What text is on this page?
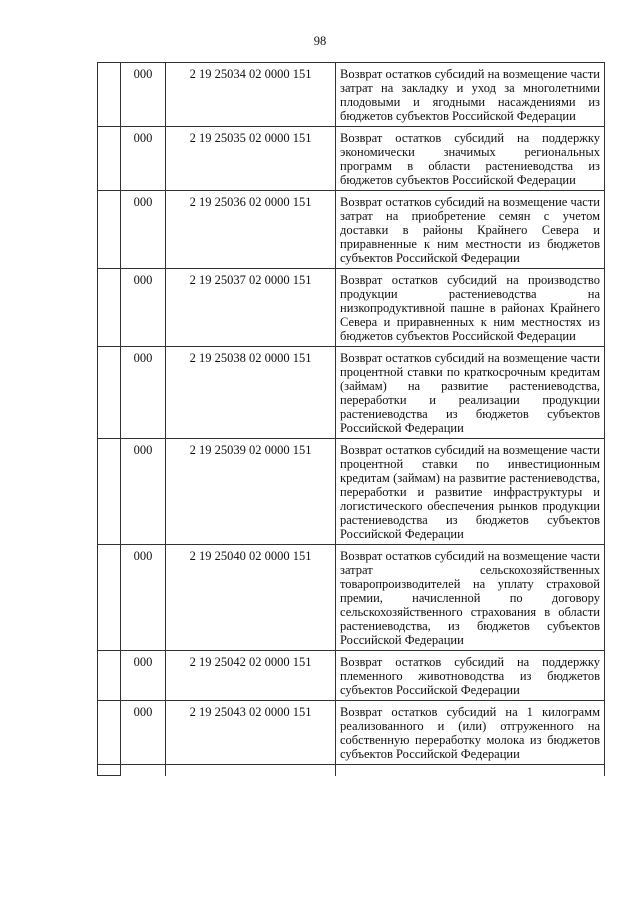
98
	000	2 19 25034 02 0000 151	Возврат остатков субсидий на возмещение части затрат на закладку и уход за многолетними плодовыми и ягодными насаждениями из бюджетов субъектов Российской Федерации
	000	2 19 25035 02 0000 151	Возврат остатков субсидий на поддержку экономически значимых региональных программ в области растениеводства из бюджетов субъектов Российской Федерации
	000	2 19 25036 02 0000 151	Возврат остатков субсидий на возмещение части затрат на приобретение семян с учетом доставки в районы Крайнего Севера и приравненные к ним местности из бюджетов субъектов Российской Федерации
	000	2 19 25037 02 0000 151	Возврат остатков субсидий на производство продукции растениеводства на низкопродуктивной пашне в районах Крайнего Севера и приравненных к ним местностях из бюджетов субъектов Российской Федерации
	000	2 19 25038 02 0000 151	Возврат остатков субсидий на возмещение части процентной ставки по краткосрочным кредитам (займам) на развитие растениеводства, переработки и реализации продукции растениеводства из бюджетов субъектов Российской Федерации
	000	2 19 25039 02 0000 151	Возврат остатков субсидий на возмещение части процентной ставки по инвестиционным кредитам (займам) на развитие растениеводства, переработки и развитие инфраструктуры и логистического обеспечения рынков продукции растениеводства из бюджетов субъектов Российской Федерации
	000	2 19 25040 02 0000 151	Возврат остатков субсидий на возмещение части затрат сельскохозяйственных товаропроизводителей на уплату страховой премии, начисленной по договору сельскохозяйственного страхования в области растениеводства, из бюджетов субъектов Российской Федерации
	000	2 19 25042 02 0000 151	Возврат остатков субсидий на поддержку племенного животноводства из бюджетов субъектов Российской Федерации
	000	2 19 25043 02 0000 151	Возврат остатков субсидий на 1 килограмм реализованного и (или) отгруженного на собственную переработку молока из бюджетов субъектов Российской Федерации
